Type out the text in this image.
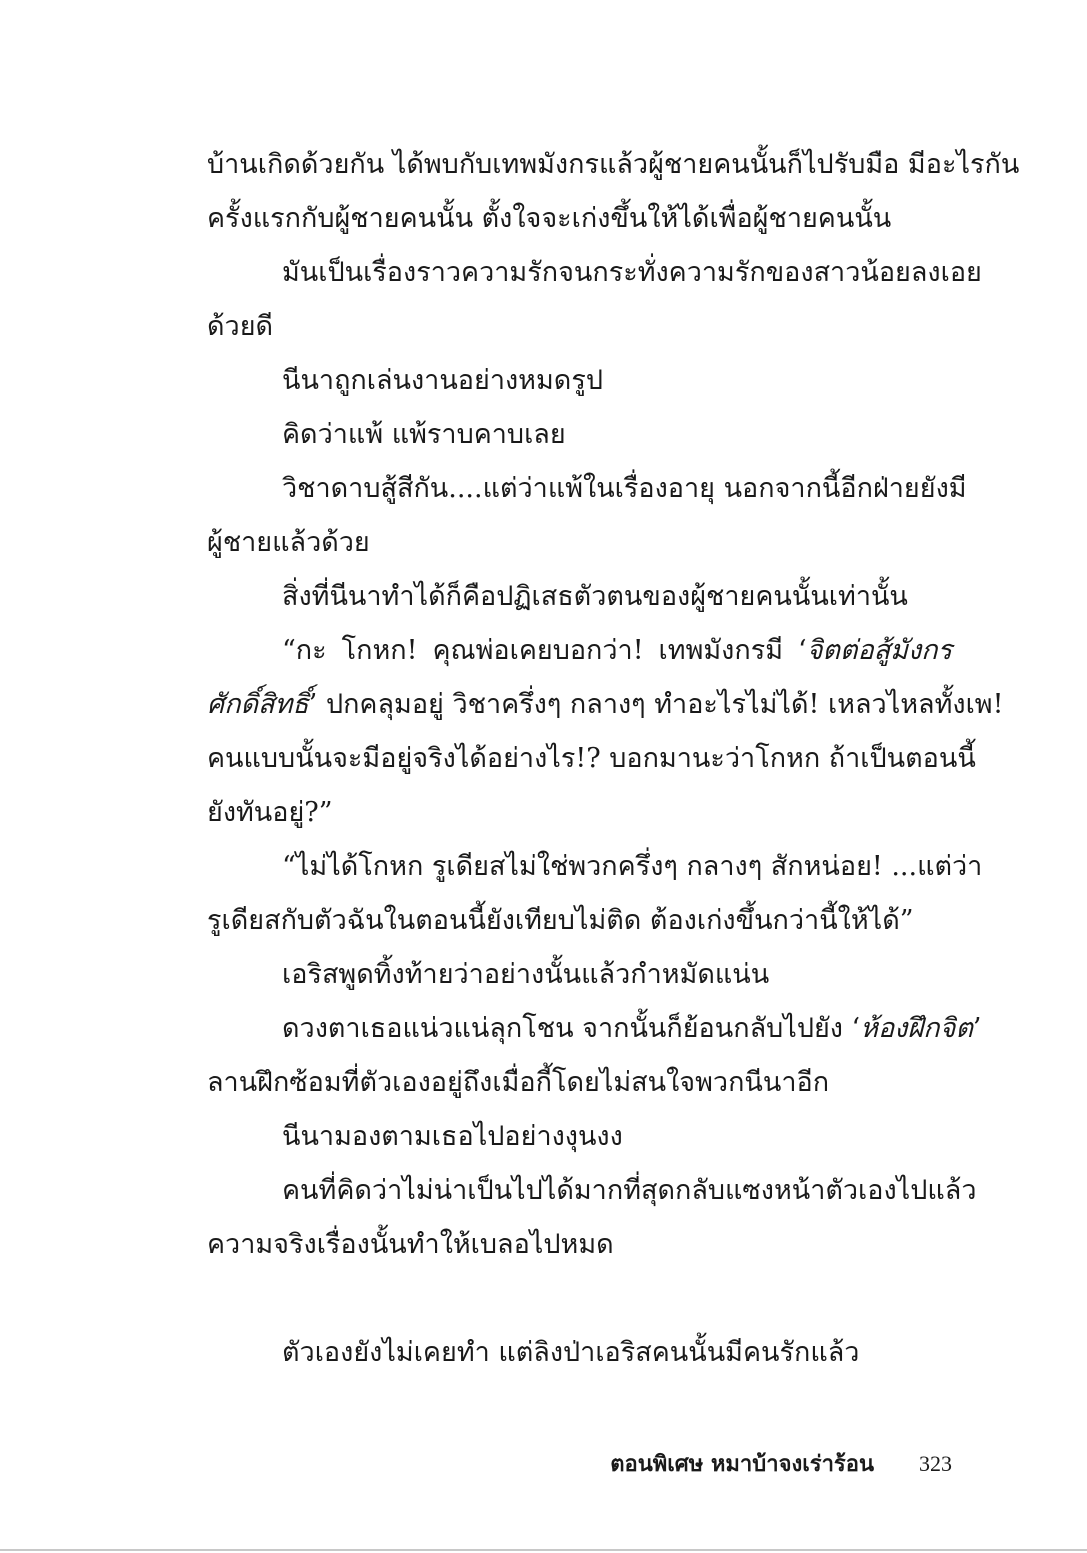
บ้านเกิดด้วยกัน ได้พบกับเทพมังกรแล้วผู้ชายคนนั้นก็ไปรับมือ มีอะไรกัน
ครั้งแรกกับผู้ชายคนนั้น ตั้งใจจะเก่งขึ้นให้ได้เพื่อผู้ชายคนนั้น
มันเป็นเรื่องราวความรักจนกระทั่งความรักของสาวน้อยลงเอย
ด้วยดี
นีนาถูกเล่นงานอย่างหมดรูป
คิดว่าแพ้ แพ้ราบคาบเลย
วิชาดาบสู้สีกัน....แต่ว่าแพ้ในเรื่องอายุ นอกจากนี้อีกฝ่ายยังมี
ผู้ชายแล้วด้วย
สิ่งที่นีนาทำได้ก็คือปฏิเสธตัวตนของผู้ชายคนนั้นเท่านั้น
“กะ โกหก! คุณพ่อเคยบอกว่า! เทพมังกรมี ‘จิตต่อสู้มังกร
ศักดิ์สิทธิ์’ ปกคลุมอยู่ วิชาครึ่งๆ กลางๆ ทำอะไรไม่ได้! เหลวไหลทั้งเพ!
คนแบบนั้นจะมีอยู่จริงได้อย่างไร!? บอกมานะว่าโกหก ถ้าเป็นตอนนี้
ยังทันอยู่?”
“ไม่ได้โกหก รูเดียสไม่ใช่พวกครึ่งๆ กลางๆ สักหน่อย! ...แต่ว่า
รูเดียสกับตัวฉันในตอนนี้ยังเทียบไม่ติด ต้องเก่งขึ้นกว่านี้ให้ได้”
เอริสพูดทิ้งท้ายว่าอย่างนั้นแล้วกำหมัดแน่น
ดวงตาเธอแน่วแน่ลุกโชน จากนั้นก็ย้อนกลับไปยัง ‘ห้องฝึกจิต’
ลานฝึกซ้อมที่ตัวเองอยู่ถึงเมื่อกี้โดยไม่สนใจพวกนีนาอีก
นีนามองตามเธอไปอย่างงุนงง
คนที่คิดว่าไม่น่าเป็นไปได้มากที่สุดกลับแซงหน้าตัวเองไปแล้ว
ความจริงเรื่องนั้นทำให้เบลอไปหมด
ตัวเองยังไม่เคยทำ แต่ลิงป่าเอริสคนนั้นมีคนรักแล้ว
ตอนพิเศษ หมาบ้าจงเร่าร้อน 323
